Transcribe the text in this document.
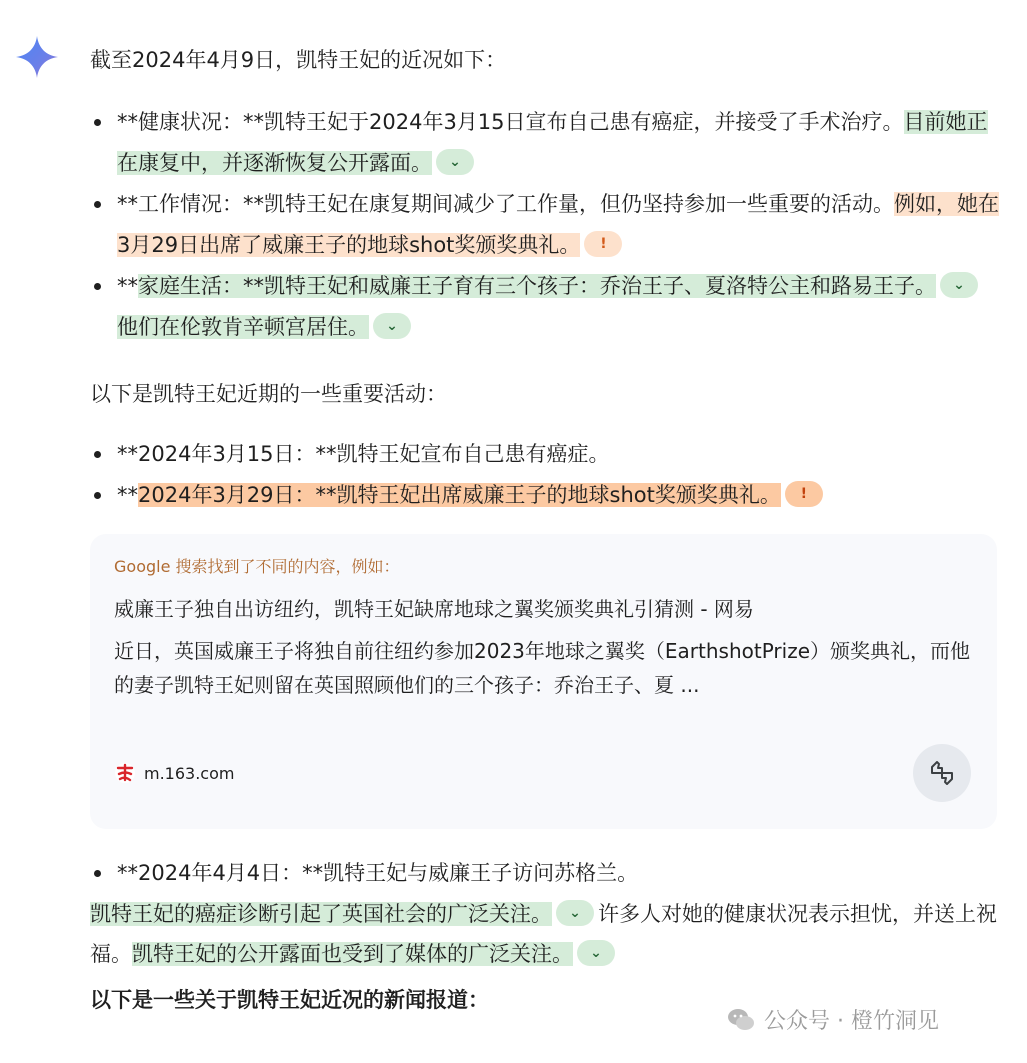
截至2024年4月9日，凯特王妃的近况如下：

**健康状况：**凯特王妃于2024年3月15日宣布自己患有癌症，并接受了手术治疗。目前她正在康复中，并逐渐恢复公开露面。 ⌄
**工作情况：**凯特王妃在康复期间减少了工作量，但仍坚持参加一些重要的活动。例如，她在3月29日出席了威廉王子的地球shot奖颁奖典礼。 !
**家庭生活：**凯特王妃和威廉王子育有三个孩子：乔治王子、夏洛特公主和路易王子。 ⌄他们在伦敦肯辛顿宫居住。 ⌄

以下是凯特王妃近期的一些重要活动：

**2024年3月15日：**凯特王妃宣布自己患有癌症。
**2024年3月29日：**凯特王妃出席威廉王子的地球shot奖颁奖典礼。 !
Google 搜索找到了不同的内容，例如：
威廉王子独自出访纽约，凯特王妃缺席地球之翼奖颁奖典礼引猜测 - 网易
近日，英国威廉王子将独自前往纽约参加2023年地球之翼奖（EarthshotPrize）颁奖典礼，而他的妻子凯特王妃则留在英国照顾他们的三个孩子：乔治王子、夏 ...
m.163.com
**2024年4月4日：**凯特王妃与威廉王子访问苏格兰。

凯特王妃的癌症诊断引起了英国社会的广泛关注。 ⌄ 许多人对她的健康状况表示担忧，并送上祝福。凯特王妃的公开露面也受到了媒体的广泛关注。 ⌄

以下是一些关于凯特王妃近况的新闻报道：
公众号 · 橙竹洞见
